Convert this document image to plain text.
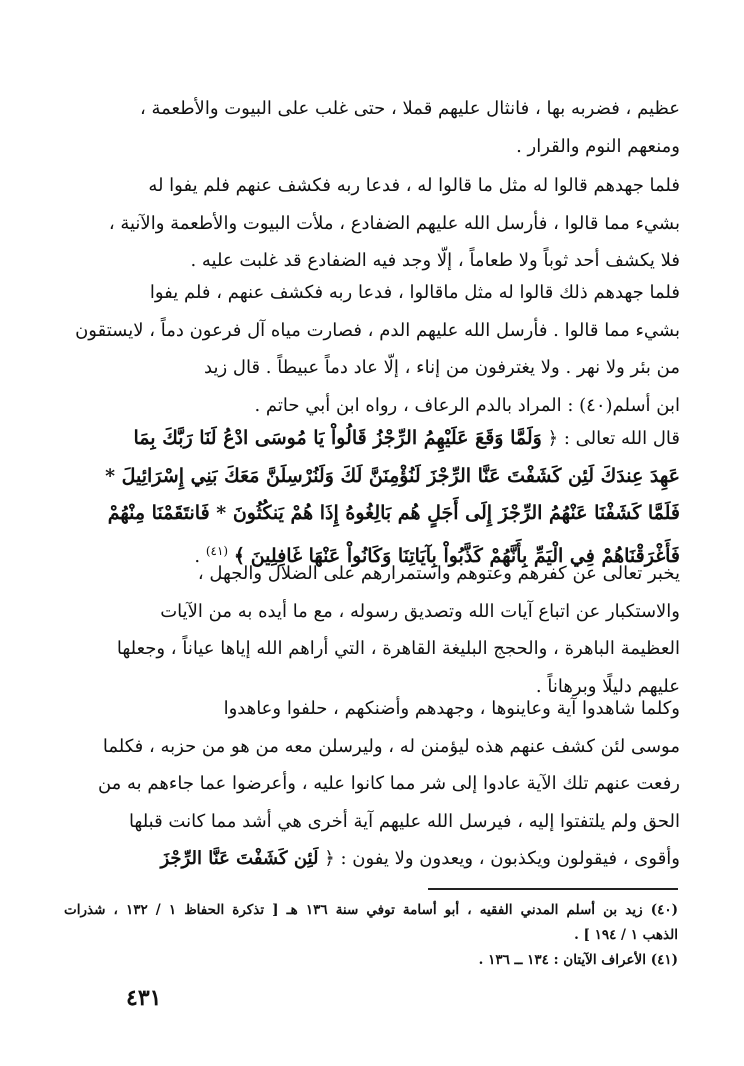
عظيم ، فضربه بها ، فانثال عليهم قملا ، حتى غلب على البيوت والأطعمة ،
ومنعهم النوم والقرار .
فلما جهدهم قالوا له مثل ما قالوا له ، فدعا ربه فكشف عنهم فلم يفوا له
بشيء مما قالوا ، فأرسل الله عليهم الضفادع ، ملأت البيوت والأطعمة والآنية ،
فلا يكشف أحد ثوباً ولا طعاماً ، إلّا وجد فيه الضفادع قد غلبت عليه .
فلما جهدهم ذلك قالوا له مثل ماقالوا ، فدعا ربه فكشف عنهم ، فلم يفوا
بشيء مما قالوا . فأرسل الله عليهم الدم ، فصارت مياه آل فرعون دماً ، لايستقون
من بئر ولا نهر . ولا يغترفون من إناء ، إلّا عاد دماً عبيطاً . قال زيد
ابن أسلم(٤٠) : المراد بالدم الرعاف ، رواه ابن أبي حاتم .
قال الله تعالى : ﴿ وَلَمَّا وَقَعَ عَلَيْهِمُ الرِّجْزُ قَالُواْ يَا مُوسَى ادْعُ لَنَا رَبَّكَ بِمَا
عَهِدَ عِندَكَ لَئِن كَشَفْتَ عَنَّا الرِّجْزَ لَنُؤْمِنَنَّ لَكَ وَلَنُرْسِلَنَّ مَعَكَ بَنِي إِسْرَائِيلَ *
فَلَمَّا كَشَفْنَا عَنْهُمُ الرِّجْزَ إِلَى أَجَلٍ هُم بَالِغُوهُ إِذَا هُمْ يَنكُثُونَ * فَانتَقَمْنَا مِنْهُمْ
فَأَغْرَقْنَاهُمْ فِي الْيَمِّ بِأَنَّهُمْ كَذَّبُواْ بِآيَاتِنَا وَكَانُواْ عَنْهَا غَافِلِينَ ﴾ $^{(٤١)}$ .
يخبر تعالى عن كفرهم وعتوهم واستمرارهم على الضلال والجهل ،
والاستكبار عن اتباع آيات الله وتصديق رسوله ، مع ما أيده به من الآيات
العظيمة الباهرة ، والحجج البليغة القاهرة ، التي أراهم الله إياها عياناً ، وجعلها
عليهم دليلًا وبرهاناً .
وكلما شاهدوا آية وعاينوها ، وجهدهم وأضنكهم ، حلفوا وعاهدوا
موسى لئن كشف عنهم هذه ليؤمنن له ، وليرسلن معه من هو من حزبه ، فكلما
رفعت عنهم تلك الآية عادوا إلى شر مما كانوا عليه ، وأعرضوا عما جاءهم به من
الحق ولم يلتفتوا إليه ، فيرسل الله عليهم آية أخرى هي أشد مما كانت قبلها
وأقوى ، فيقولون ويكذبون ، ويعدون ولا يفون : ﴿ لَئِن كَشَفْتَ عَنَّا الرِّجْزَ
(٤٠) زيد بن أسلم المدني الفقيه ، أبو أسامة توفي سنة ١٣٦ هـ [ تذكرة الحفاظ ١ / ١٣٢ ، شذرات
الذهب ١ / ١٩٤ ] .
(٤١) الأعراف الآيتان : ١٣٤ ــ ١٣٦ .
٤٣١
